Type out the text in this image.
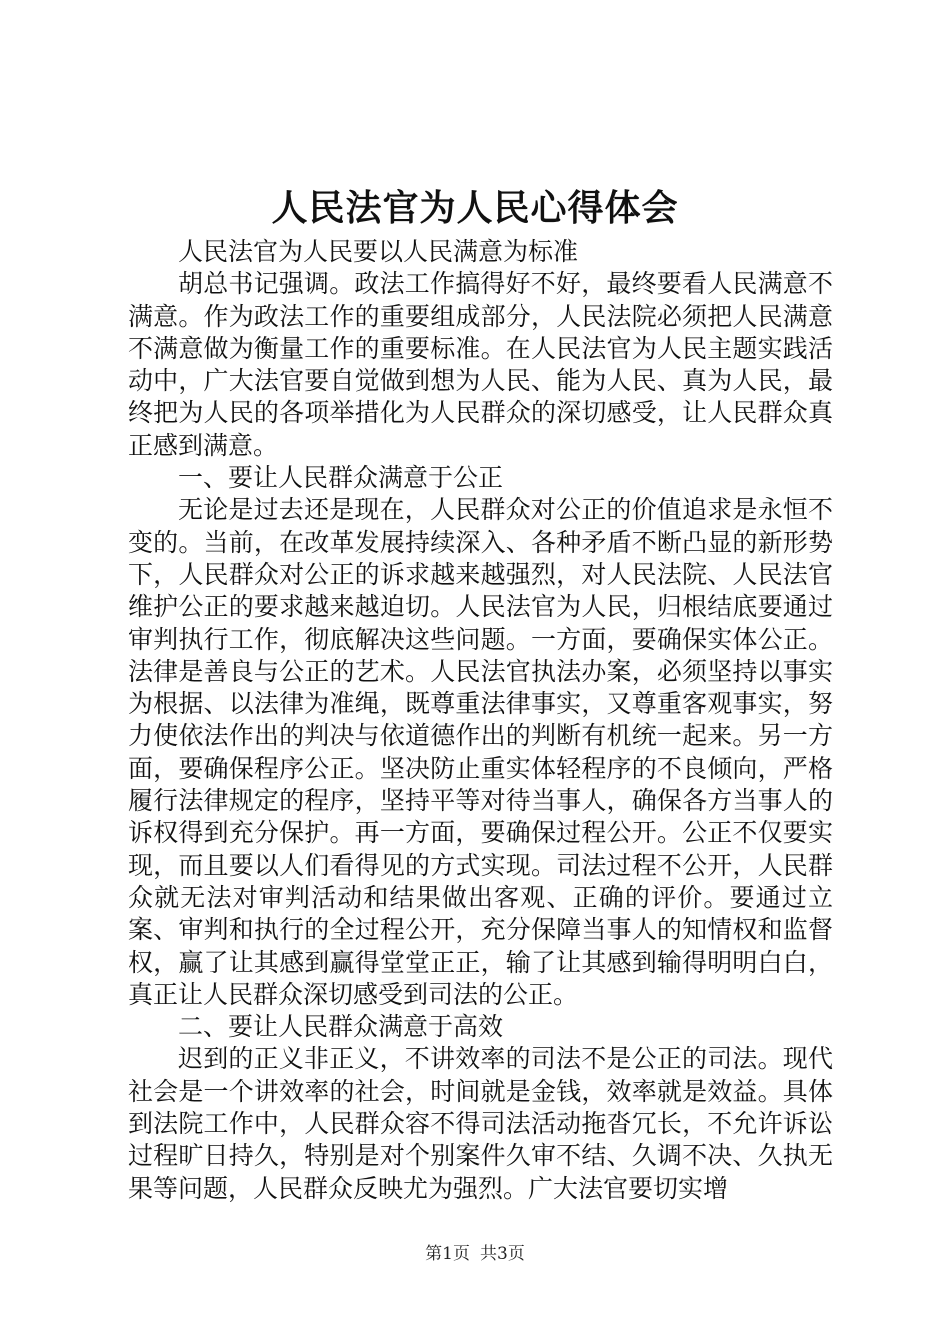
人民法官为人民心得体会

人民法官为人民要以人民满意为标准

胡总书记强调。政法工作搞得好不好，最终要看人民满意不满意。作为政法工作的重要组成部分，人民法院必须把人民满意不满意做为衡量工作的重要标准。在人民法官为人民主题实践活动中，广大法官要自觉做到想为人民、能为人民、真为人民，最终把为人民的各项举措化为人民群众的深切感受，让人民群众真正感到满意。

一、要让人民群众满意于公正

无论是过去还是现在，人民群众对公正的价值追求是永恒不变的。当前，在改革发展持续深入、各种矛盾不断凸显的新形势下，人民群众对公正的诉求越来越强烈，对人民法院、人民法官维护公正的要求越来越迫切。人民法官为人民，归根结底要通过审判执行工作，彻底解决这些问题。一方面，要确保实体公正。法律是善良与公正的艺术。人民法官执法办案，必须坚持以事实为根据、以法律为准绳，既尊重法律事实，又尊重客观事实，努力使依法作出的判决与依道德作出的判断有机统一起来。另一方面，要确保程序公正。坚决防止重实体轻程序的不良倾向，严格履行法律规定的程序，坚持平等对待当事人，确保各方当事人的诉权得到充分保护。再一方面，要确保过程公开。公正不仅要实现，而且要以人们看得见的方式实现。司法过程不公开，人民群众就无法对审判活动和结果做出客观、正确的评价。要通过立案、审判和执行的全过程公开，充分保障当事人的知情权和监督权，赢了让其感到赢得堂堂正正，输了让其感到输得明明白白，真正让人民群众深切感受到司法的公正。

二、要让人民群众满意于高效

迟到的正义非正义，不讲效率的司法不是公正的司法。现代社会是一个讲效率的社会，时间就是金钱，效率就是效益。具体到法院工作中，人民群众容不得司法活动拖沓冗长，不允许诉讼过程旷日持久，特别是对个别案件久审不结、久调不决、久执无果等问题，人民群众反映尤为强烈。广大法官要切实增

第1页 共3页
